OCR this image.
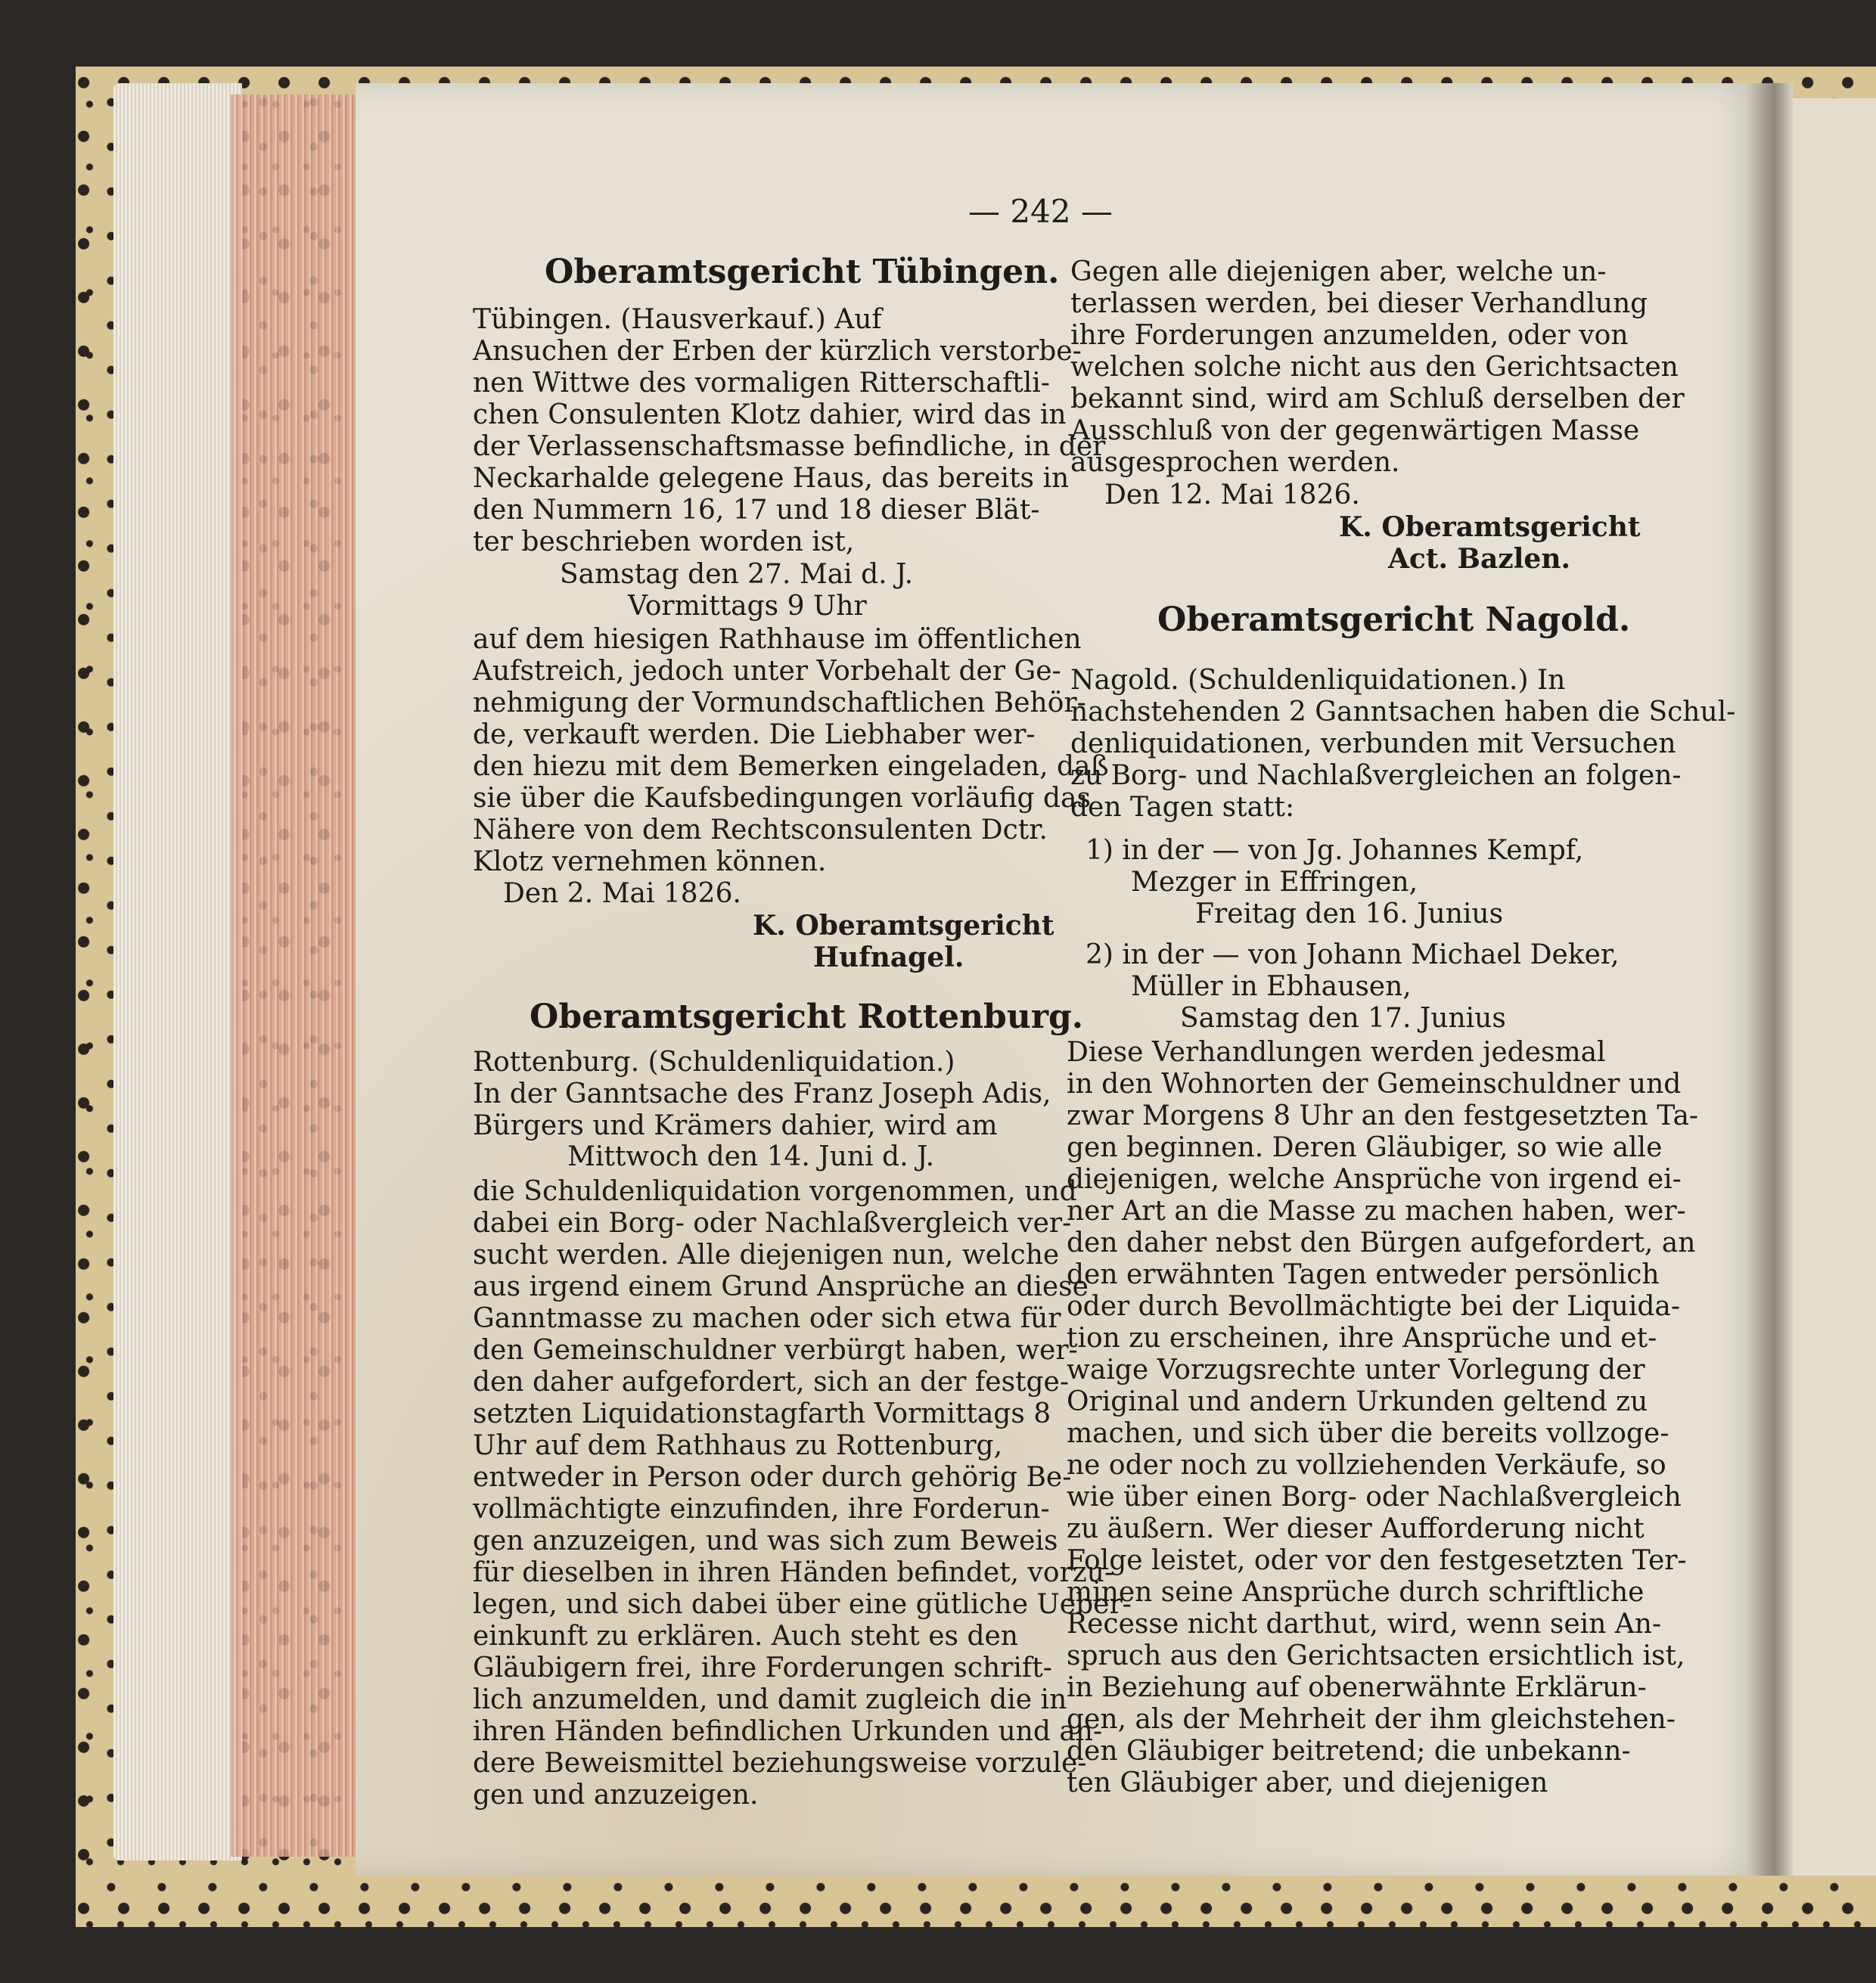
— 242 —
Oberamtsgericht Tübingen.
Tübingen. (Hausverkauf.) Auf
Ansuchen der Erben der kürzlich verstorbe-
nen Wittwe des vormaligen Ritterschaftli-
chen Consulenten Klotz dahier, wird das in
der Verlassenschaftsmasse befindliche, in der
Neckarhalde gelegene Haus, das bereits in
den Nummern 16, 17 und 18 dieser Blät-
ter beschrieben worden ist,
Samstag den 27. Mai d. J.
Vormittags 9 Uhr
auf dem hiesigen Rathhause im öffentlichen
Aufstreich, jedoch unter Vorbehalt der Ge-
nehmigung der Vormundschaftlichen Behör-
de, verkauft werden. Die Liebhaber wer-
den hiezu mit dem Bemerken eingeladen, daß
sie über die Kaufsbedingungen vorläufig das
Nähere von dem Rechtsconsulenten Dctr.
Klotz vernehmen können.
Den 2. Mai 1826.
K. Oberamtsgericht
Hufnagel.
Oberamtsgericht Rottenburg.
Rottenburg. (Schuldenliquidation.)
In der Ganntsache des Franz Joseph Adis,
Bürgers und Krämers dahier, wird am
Mittwoch den 14. Juni d. J.
die Schuldenliquidation vorgenommen, und
dabei ein Borg- oder Nachlaßvergleich ver-
sucht werden. Alle diejenigen nun, welche
aus irgend einem Grund Ansprüche an diese
Ganntmasse zu machen oder sich etwa für
den Gemeinschuldner verbürgt haben, wer-
den daher aufgefordert, sich an der festge-
setzten Liquidationstagfarth Vormittags 8
Uhr auf dem Rathhaus zu Rottenburg,
entweder in Person oder durch gehörig Be-
vollmächtigte einzufinden, ihre Forderun-
gen anzuzeigen, und was sich zum Beweis
für dieselben in ihren Händen befindet, vorzu-
legen, und sich dabei über eine gütliche Ueber-
einkunft zu erklären. Auch steht es den
Gläubigern frei, ihre Forderungen schrift-
lich anzumelden, und damit zugleich die in
ihren Händen befindlichen Urkunden und an-
dere Beweismittel beziehungsweise vorzule-
gen und anzuzeigen.
Gegen alle diejenigen aber, welche un-
terlassen werden, bei dieser Verhandlung
ihre Forderungen anzumelden, oder von
welchen solche nicht aus den Gerichtsacten
bekannt sind, wird am Schluß derselben der
Ausschluß von der gegenwärtigen Masse
ausgesprochen werden.
Den 12. Mai 1826.
K. Oberamtsgericht
Act. Bazlen.
Oberamtsgericht Nagold.
Nagold. (Schuldenliquidationen.) In
nachstehenden 2 Ganntsachen haben die Schul-
denliquidationen, verbunden mit Versuchen
zu Borg- und Nachlaßvergleichen an folgen-
den Tagen statt:
1) in der — von Jg. Johannes Kempf,
Mezger in Effringen,
Freitag den 16. Junius
2) in der — von Johann Michael Deker,
Müller in Ebhausen,
Samstag den 17. Junius
Diese Verhandlungen werden jedesmal
in den Wohnorten der Gemeinschuldner und
zwar Morgens 8 Uhr an den festgesetzten Ta-
gen beginnen. Deren Gläubiger, so wie alle
diejenigen, welche Ansprüche von irgend ei-
ner Art an die Masse zu machen haben, wer-
den daher nebst den Bürgen aufgefordert, an
den erwähnten Tagen entweder persönlich
oder durch Bevollmächtigte bei der Liquida-
tion zu erscheinen, ihre Ansprüche und et-
waige Vorzugsrechte unter Vorlegung der
Original und andern Urkunden geltend zu
machen, und sich über die bereits vollzoge-
ne oder noch zu vollziehenden Verkäufe, so
wie über einen Borg- oder Nachlaßvergleich
zu äußern. Wer dieser Aufforderung nicht
Folge leistet, oder vor den festgesetzten Ter-
minen seine Ansprüche durch schriftliche
Recesse nicht darthut, wird, wenn sein An-
spruch aus den Gerichtsacten ersichtlich ist,
in Beziehung auf obenerwähnte Erklärun-
gen, als der Mehrheit der ihm gleichstehen-
den Gläubiger beitretend; die unbekann-
ten Gläubiger aber, und diejenigen
